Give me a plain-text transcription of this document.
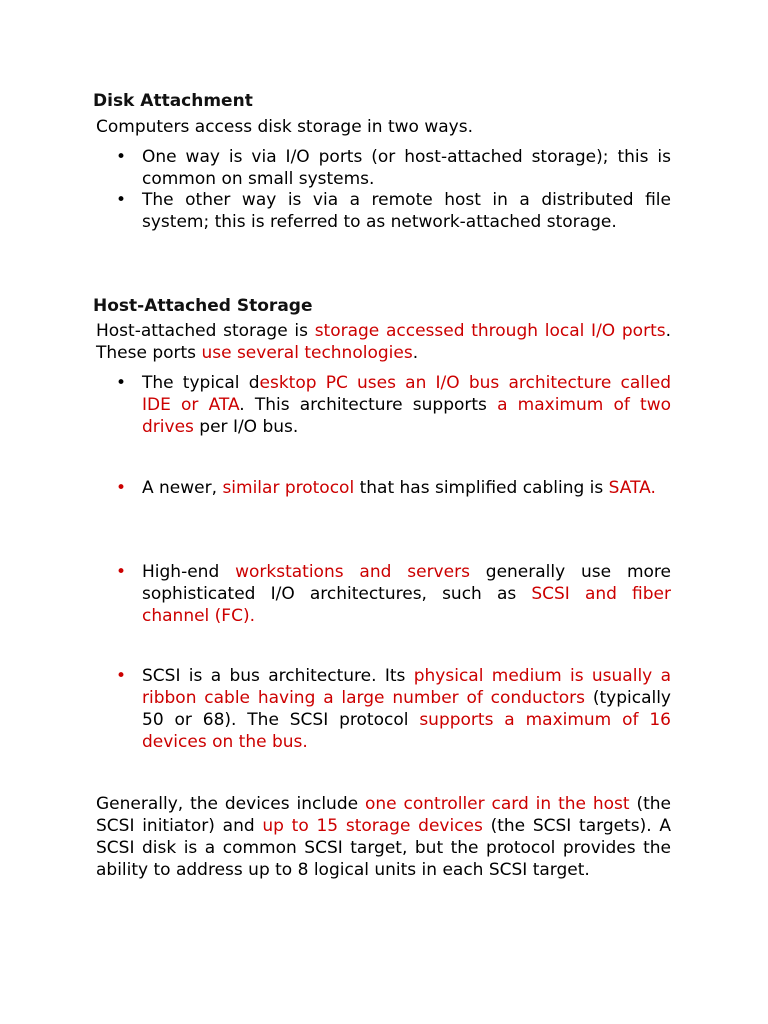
Disk Attachment

Computers access disk storage in two ways.

• One way is via I/O ports (or host-attached storage); this is common on small systems.

• The other way is via a remote host in a distributed file system; this is referred to as network-attached storage.

Host-Attached Storage

Host-attached storage is storage accessed through local I/O ports. These ports use several technologies.

• The typical desktop PC uses an I/O bus architecture called IDE or ATA. This architecture supports a maximum of two drives per I/O bus.

• A newer, similar protocol that has simplified cabling is SATA.

• High-end workstations and servers generally use more sophisticated I/O architectures, such as SCSI and fiber channel (FC).

• SCSI is a bus architecture. Its physical medium is usually a ribbon cable having a large number of conductors (typically 50 or 68). The SCSI protocol supports a maximum of 16 devices on the bus.

Generally, the devices include one controller card in the host (the SCSI initiator) and up to 15 storage devices (the SCSI targets). A SCSI disk is a common SCSI target, but the protocol provides the ability to address up to 8 logical units in each SCSI target.
